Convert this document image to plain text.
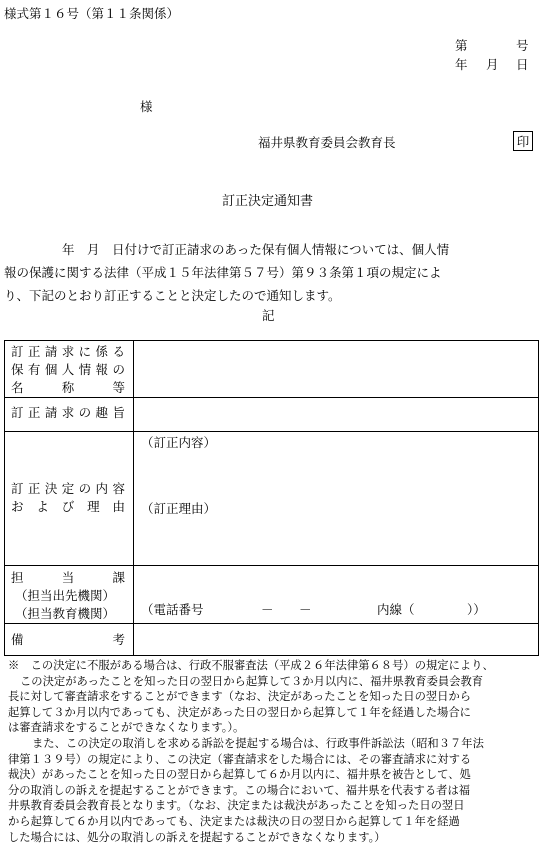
様式第１６号（第１１条関係）
第	号
年 月 日
様
福井県教育委員会教育長	印
訂正決定通知書
年　月　日付けで訂正請求のあった保有個人情報については、個人情
報の保護に関する法律（平成１５年法律第５７号）第９３条第１項の規定によ
り、下記のとおり訂正することと決定したので通知します。
記
訂 正 請 求 に 係 る
保 有 個 人 情 報 の
名	称	等
訂 正 請 求 の 趣 旨
訂 正 決 定 の 内 容
お よ び 理 由
（訂正内容）
（訂正理由）
担	当	課
（担当出先機関）
（担当教育機関）	（電話番号	－ －	内線（	））
備	考

※　この決定に不服がある場合は、行政不服審査法（平成２６年法律第６８号）の規定により、

この決定があったことを知った日の翌日から起算して３か月以内に、福井県教育委員会教育

長に対して審査請求をすることができます（なお、決定があったことを知った日の翌日から

起算して３か月以内であっても、決定があった日の翌日から起算して１年を経過した場合に

は審査請求をすることができなくなります。）。

また、この決定の取消しを求める訴訟を提起する場合は、行政事件訴訟法（昭和３７年法

律第１３９号）の規定により、この決定（審査請求をした場合には、その審査請求に対する

裁決）があったことを知った日の翌日から起算して６か月以内に、福井県を被告として、処

分の取消しの訴えを提起することができます。この場合において、福井県を代表する者は福

井県教育委員会教育長となります。（なお、決定または裁決があったことを知った日の翌日

から起算して６か月以内であっても、決定または裁決の日の翌日から起算して１年を経過

した場合には、処分の取消しの訴えを提起することができなくなります。）
